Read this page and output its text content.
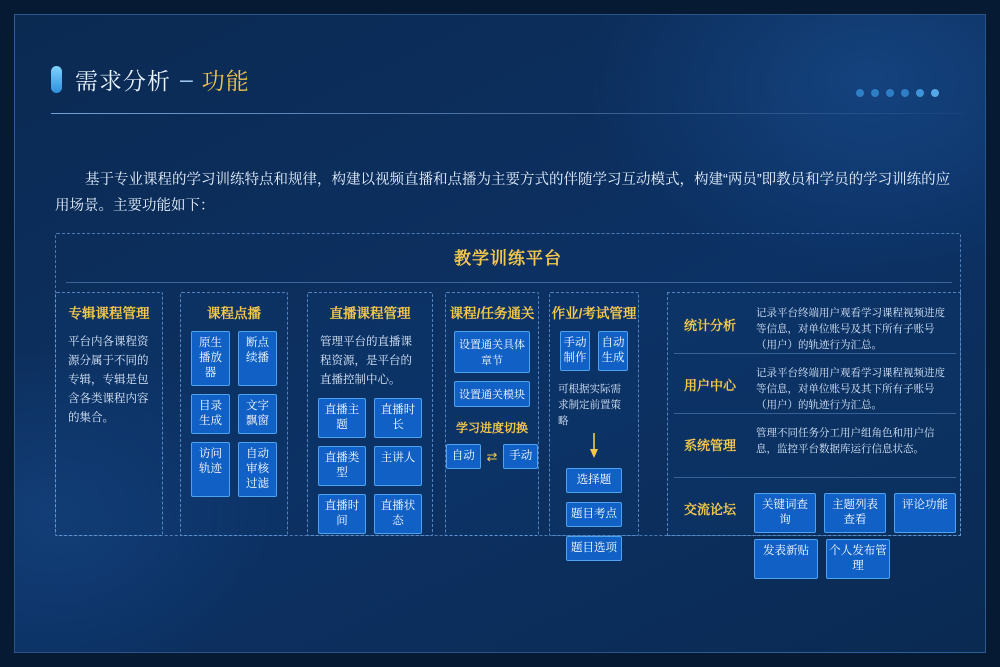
需求分析 – 功能
基于专业课程的学习训练特点和规律，构建以视频直播和点播为主要方式的伴随学习互动模式，构建“两员”即教员和学员的学习训练的应用场景。主要功能如下：
教学训练平台
专辑课程管理
平台内各课程资源分属于不同的专辑，专辑是包含各类课程内容的集合。
课程点播
原生播放器
断点续播
目录生成
文字飘窗
访问轨迹
自动审核过滤
直播课程管理
管理平台的直播课程资源，是平台的直播控制中心。
直播主题
直播时长
直播类型
主讲人
直播时间
直播状态
课程/任务通关
设置通关具体章节
设置通关模块
学习进度切换
自动 ⇄	手动
作业/考试管理
手动制作
自动生成
可根据实际需求制定前置策略
选择题
题目考点
题目选项
统计分析
记录平台终端用户观看学习课程视频进度等信息，对单位账号及其下所有子账号（用户）的轨迹行为汇总。
用户中心
记录平台终端用户观看学习课程视频进度等信息，对单位账号及其下所有子账号（用户）的轨迹行为汇总。
系统管理
管理不同任务分工用户组角色和用户信息，监控平台数据库运行信息状态。
交流论坛	关键词查询
主题列表查看
评论功能
发表新贴	个人发布管理
